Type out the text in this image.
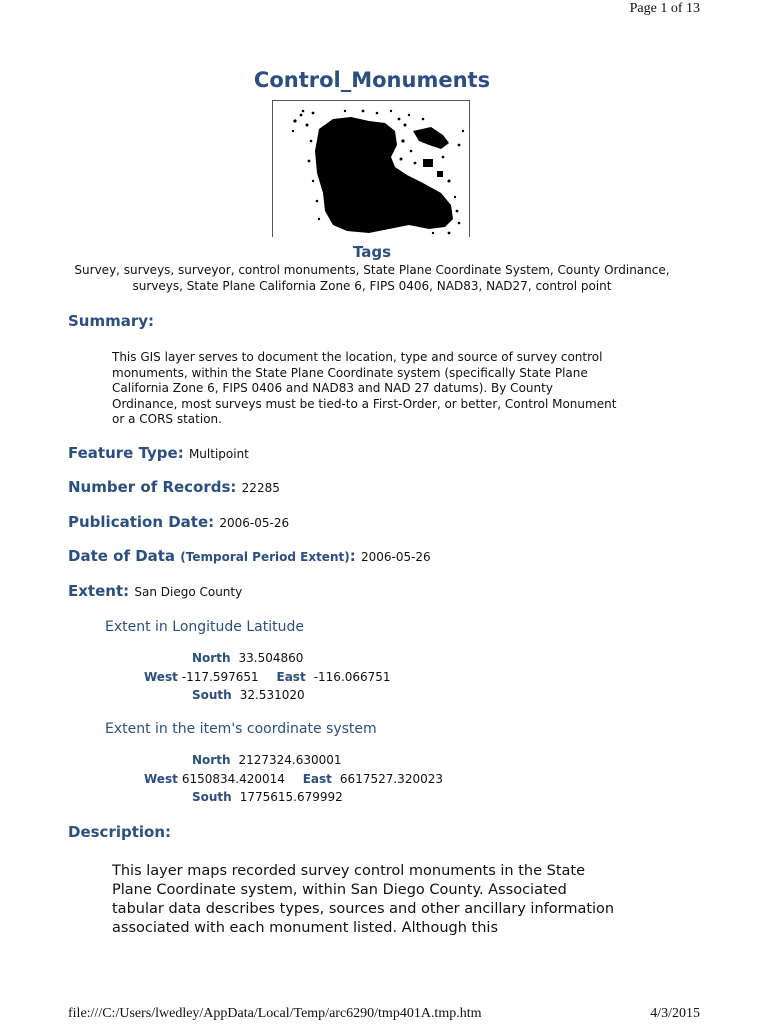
Page 1 of 13
Control_Monuments
Tags
Survey, surveys, surveyor, control monuments, State Plane Coordinate System, County Ordinance,
surveys, State Plane California Zone 6, FIPS 0406, NAD83, NAD27, control point
Summary:
This GIS layer serves to document the location, type and source of survey control monuments, within the State Plane Coordinate system (specifically State Plane California Zone 6, FIPS 0406 and NAD83 and NAD 27 datums). By County Ordinance, most surveys must be tied-to a First-Order, or better, Control Monument or a CORS station.
Feature Type: Multipoint
Number of Records: 22285
Publication Date: 2006-05-26
Date of Data (Temporal Period Extent): 2006-05-26
Extent: San Diego County
Extent in Longitude Latitude
North 33.504860
West -117.597651 East -116.066751
South 32.531020
Extent in the item's coordinate system
North 2127324.630001
West 6150834.420014 East 6617527.320023
South 1775615.679992
Description:
This layer maps recorded survey control monuments in the State Plane Coordinate system, within San Diego County. Associated tabular data describes types, sources and other ancillary information associated with each monument listed. Although this
file:///C:/Users/lwedley/AppData/Local/Temp/arc6290/tmp401A.tmp.htm	4/3/2015
